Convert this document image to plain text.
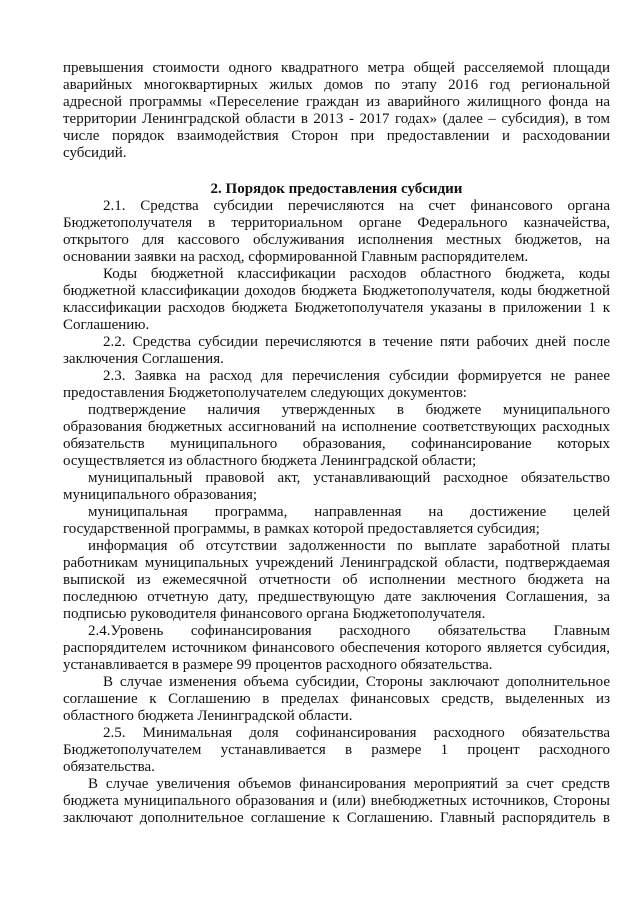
превышения стоимости одного квадратного метра общей расселяемой площади
аварийных многоквартирных жилых домов по этапу 2016 год региональной
адресной программы «Переселение граждан из аварийного жилищного фонда на
территории Ленинградской области в 2013 - 2017 годах» (далее – субсидия), в том
числе порядок взаимодействия Сторон при предоставлении и расходовании
субсидий.
2. Порядок предоставления субсидии
2.1. Средства субсидии перечисляются на счет финансового органа
Бюджетополучателя в территориальном органе Федерального казначейства,
открытого для кассового обслуживания исполнения местных бюджетов, на
основании заявки на расход, сформированной Главным распорядителем.
Коды бюджетной классификации расходов областного бюджета, коды
бюджетной классификации доходов бюджета Бюджетополучателя, коды бюджетной
классификации расходов бюджета Бюджетополучателя указаны в приложении 1 к
Соглашению.
2.2. Средства субсидии перечисляются в течение пяти рабочих дней после
заключения Соглашения.
2.3. Заявка на расход для перечисления субсидии формируется не ранее
предоставления Бюджетополучателем следующих документов:
подтверждение наличия утвержденных в бюджете муниципального
образования бюджетных ассигнований на исполнение соответствующих расходных
обязательств муниципального образования, софинансирование которых
осуществляется из областного бюджета Ленинградской области;
муниципальный правовой акт, устанавливающий расходное обязательство
муниципального образования;
муниципальная программа, направленная на достижение целей
государственной программы, в рамках которой предоставляется субсидия;
информация об отсутствии задолженности по выплате заработной платы
работникам муниципальных учреждений Ленинградской области, подтверждаемая
выпиской из ежемесячной отчетности об исполнении местного бюджета на
последнюю отчетную дату, предшествующую дате заключения Соглашения, за
подписью руководителя финансового органа Бюджетополучателя.
2.4.Уровень софинансирования расходного обязательства Главным
распорядителем источником финансового обеспечения которого является субсидия,
устанавливается в размере 99 процентов расходного обязательства.
В случае изменения объема субсидии, Стороны заключают дополнительное
соглашение к Соглашению в пределах финансовых средств, выделенных из
областного бюджета Ленинградской области.
2.5. Минимальная доля софинансирования расходного обязательства
Бюджетополучателем устанавливается в размере 1 процент расходного
обязательства.
В случае увеличения объемов финансирования мероприятий за счет средств
бюджета муниципального образования и (или) внебюджетных источников, Стороны
заключают дополнительное соглашение к Соглашению. Главный распорядитель в
